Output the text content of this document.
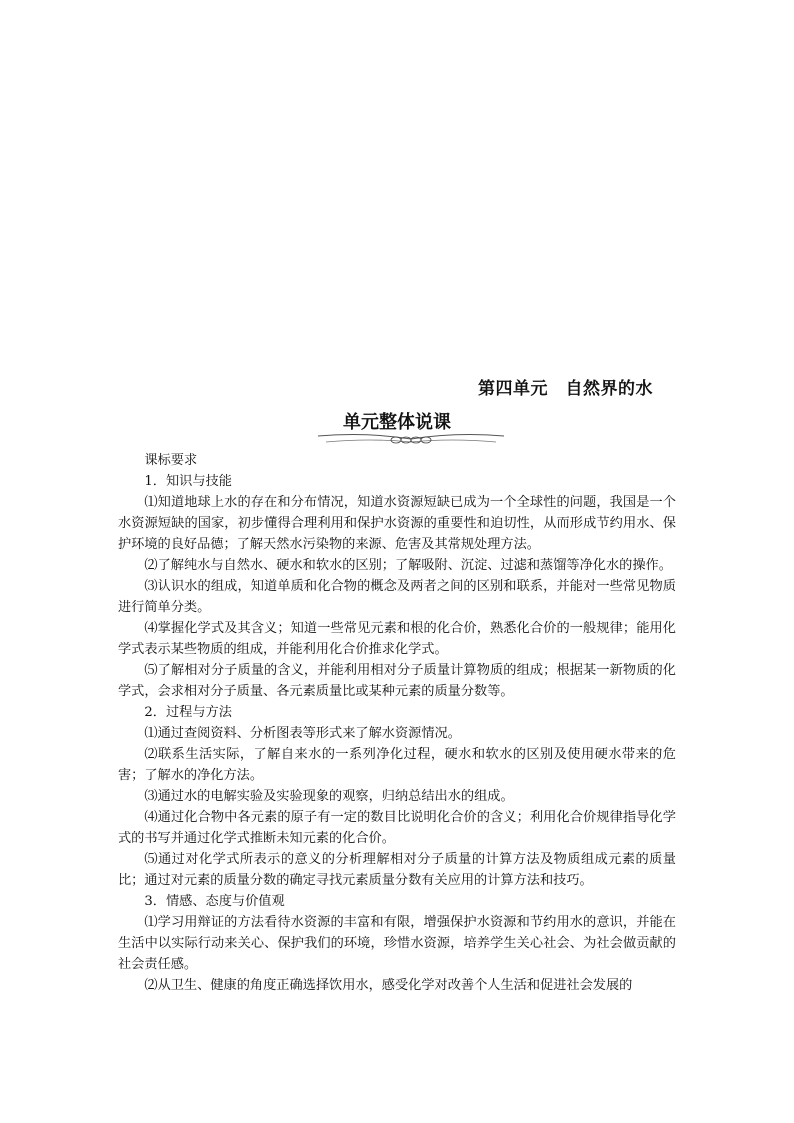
第四单元　自然界的水
单元整体说课

课标要求

1．知识与技能

⑴知道地球上水的存在和分布情况，知道水资源短缺已成为一个全球性的问题，我国是一个水资源短缺的国家，初步懂得合理利用和保护水资源的重要性和迫切性，从而形成节约用水、保护环境的良好品德；了解天然水污染物的来源、危害及其常规处理方法。

⑵了解纯水与自然水、硬水和软水的区别；了解吸附、沉淀、过滤和蒸馏等净化水的操作。

⑶认识水的组成，知道单质和化合物的概念及两者之间的区别和联系，并能对一些常见物质进行简单分类。

⑷掌握化学式及其含义；知道一些常见元素和根的化合价，熟悉化合价的一般规律；能用化学式表示某些物质的组成，并能利用化合价推求化学式。

⑸了解相对分子质量的含义，并能利用相对分子质量计算物质的组成；根据某一新物质的化学式，会求相对分子质量、各元素质量比或某种元素的质量分数等。

2．过程与方法

⑴通过查阅资料、分析图表等形式来了解水资源情况。

⑵联系生活实际，了解自来水的一系列净化过程，硬水和软水的区别及使用硬水带来的危害；了解水的净化方法。

⑶通过水的电解实验及实验现象的观察，归纳总结出水的组成。

⑷通过化合物中各元素的原子有一定的数目比说明化合价的含义；利用化合价规律指导化学式的书写并通过化学式推断未知元素的化合价。

⑸通过对化学式所表示的意义的分析理解相对分子质量的计算方法及物质组成元素的质量比；通过对元素的质量分数的确定寻找元素质量分数有关应用的计算方法和技巧。

3．情感、态度与价值观

⑴学习用辩证的方法看待水资源的丰富和有限，增强保护水资源和节约用水的意识，并能在生活中以实际行动来关心、保护我们的环境，珍惜水资源，培养学生关心社会、为社会做贡献的社会责任感。

⑵从卫生、健康的角度正确选择饮用水，感受化学对改善个人生活和促进社会发展的
